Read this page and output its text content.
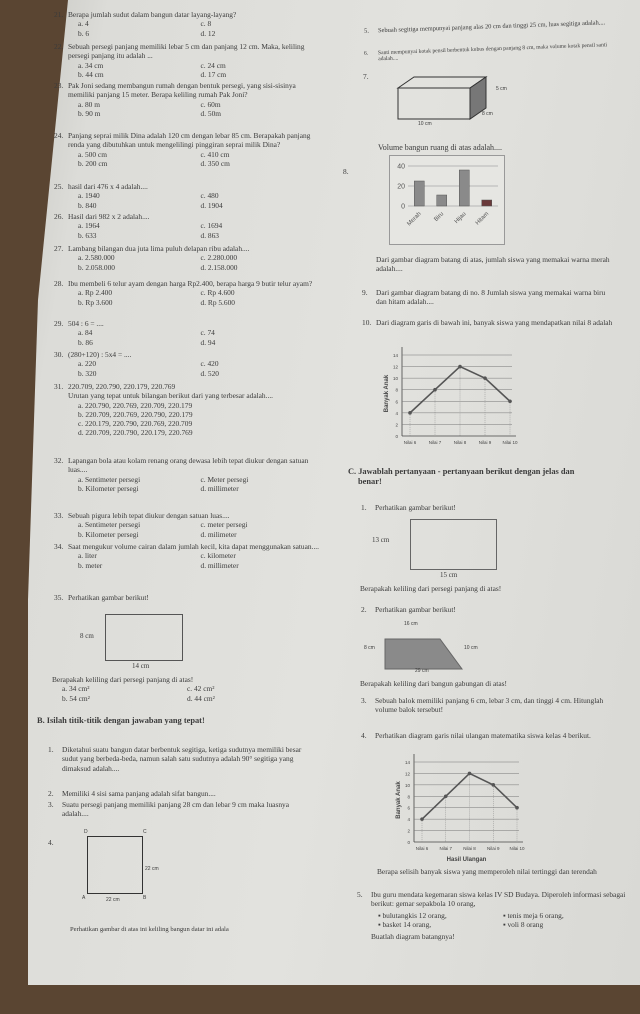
21. Berapa jumlah sudut dalam bangun datar layang-layang?
a. 4
b. 6
c. 8
d. 12
22. Sebuah persegi panjang memiliki lebar 5 cm dan panjang 12 cm. Maka, keliling persegi panjang itu adalah ...
a. 34 cm
b. 44 cm
c. 24 cm
d. 17 cm
23. Pak Joni sedang membangun rumah dengan bentuk persegi, yang sisi-sisinya memiliki panjang 15 meter. Berapa keliling rumah Pak Joni?
a. 80 m
b. 90 m
c. 60m
d. 50m
24. Panjang seprai milik Dina adalah 120 cm dengan lebar 85 cm. Berapakah panjang renda yang dibutuhkan untuk mengelilingi pinggiran seprai milik Dina?
a. 500 cm
b. 200 cm
c. 410 cm
d. 350 cm
25. hasil dari 476 x 4 adalah....
a. 1940
b. 840
c. 480
d. 1904
26. Hasil dari 982 x 2 adalah....
a. 1964
b. 633
c. 1694
d. 863
27. Lambang bilangan dua juta lima puluh delapan ribu adalah....
a. 2.580.000
b. 2.058.000
c. 2.280.000
d. 2.158.000
28. Ibu membeli 6 telur ayam dengan harga Rp2.400, berapa harga 9 butir telur ayam?
a. Rp 2.400
b. Rp 3.600
c. Rp 4.600
d. Rp 5.600
29. 504 : 6 = ....
a. 84
b. 86
c. 74
d. 94
30. (280+120) : 5x4 = ....
a. 220
b. 320
c. 420
d. 520
31. 220.709, 220.790, 220.179, 220.769
Urutan yang tepat untuk bilangan berikut dari yang terbesar adalah....
a. 220.790, 220.769, 220.709, 220.179
b. 220.709, 220.769, 220.790, 220.179
c. 220.179, 220.790, 220.769, 220.709
d. 220.709, 220.790, 220.179, 220.769
32. Lapangan bola atau kolam renang orang dewasa lebih tepat diukur dengan satuan luas....
a. Sentimeter persegi
b. Kilometer persegi
c. Meter persegi
d. millimeter
33. Sebuah pigura lebih tepat diukur dengan satuan luas....
a. Sentimeter persegi
b. Kilometer persegi
c. meter persegi
d. milimeter
34. Saat mengukur volume cairan dalam jumlah kecil, kita dapat menggunakan satuan....
a. liter
b. meter
c. kilometer
d. millimeter
35. Perhatikan gambar berikut!
8 cm
14 cm
Berapakah keliling dari persegi panjang di atas!
a. 34 cm²
b. 54 cm²
c. 42 cm²
d. 44 cm²
B. Isilah titik-titik dengan jawaban yang tepat!
1. Diketahui suatu bangun datar berbentuk segitiga, ketiga sudutnya memiliki besar sudut yang berbeda-beda, namun salah satu sudutnya adalah 90° segitiga yang dimaksud adalah....
2. Memiliki 4 sisi sama panjang adalah sifat bangun....
3. Suatu persegi panjang memiliki panjang 28 cm dan lebar 9 cm maka luasnya adalah....
4.
D	C
A	B
22 cm
22 cm
Perhatikan gambar di atas ini keliling bangun datar ini adala
5. Sebuah segitiga mempunyai panjang alas 20 cm dan tinggi 25 cm, luas segitiga adalah....
6. Santi mempunyai kotak pensil berbentuk kubus dengan panjang 8 cm, maka volume kotak pensil santi adalah....
7.
5 cm
8 cm
10 cm
Volume bangun ruang di atas adalah....
8.
0
20
40
Merah Biru Hijau Hitam
Dari gambar diagram batang di atas, jumlah siswa yang memakai warna merah adalah....
9. Dari gambar diagram batang di no. 8 Jumlah siswa yang memakai warna biru dan hitam adalah....
10. Dari diagram garis di bawah ini, banyak siswa yang mendapatkan nilai 8 adalah
0
2
4
6
8
10
12
14
Nilai 6	Nilai 7	Nilai 8	Nilai 9 Nilai 10
Banyak Anak
C. Jawablah pertanyaan - pertanyaan berikut dengan jelas dan benar!
1. Perhatikan gambar berikut!
13 cm
15 cm
Berapakah keliling dari persegi panjang di atas!
2. Perhatikan gambar berikut!
16 cm
8 cm	10 cm
29 cm
Berapakah keliling dari bangun gabungan di atas!
3. Sebuah balok memiliki panjang 6 cm, lebar 3 cm, dan tinggi 4 cm. Hitunglah volume balok tersebut!
4. Perhatikan diagram garis nilai ulangan matematika siswa kelas 4 berikut.
0
2
4
6
8
10
12
14
Nilai 6 Nilai 7 Nilai 8 Nilai 9 Nilai 10
Banyak Anak
Hasil Ulangan
Berapa selisih banyak siswa yang memperoleh nilai tertinggi dan terendah
5. Ibu guru mendata kegemaran siswa kelas IV SD Budaya. Diperoleh informasi sebagai berikut: gemar sepakbola 10 orang,
▪ bulutangkis 12 orang,
▪ basket 14 orang,
▪ tenis meja 6 orang,
▪ voli 8 orang
Buatlah diagram batangnya!
